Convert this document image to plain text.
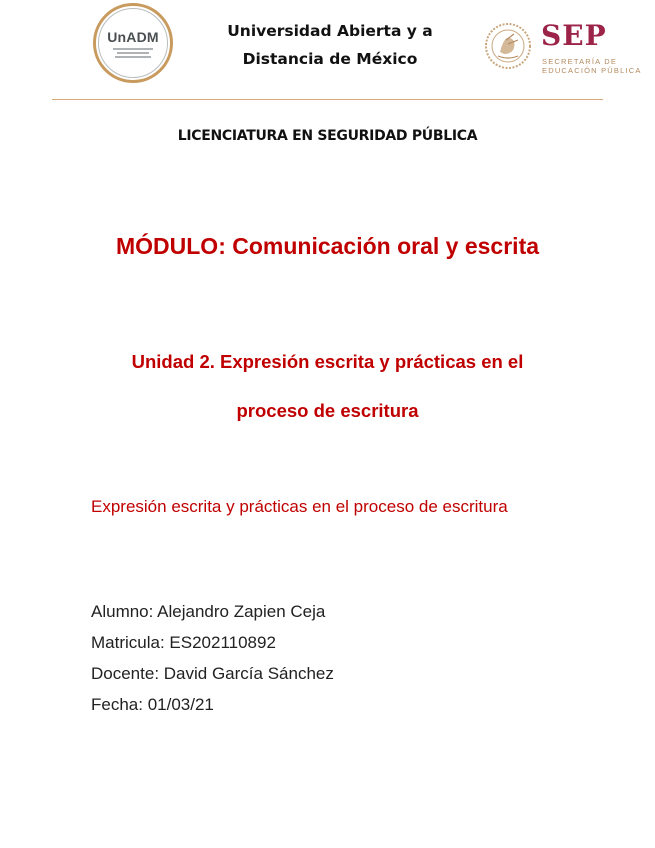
UnADM	Universidad Abierta y a
Distancia de México
SEP
SECRETARÍA DE
EDUCACIÓN PÚBLICA
LICENCIATURA EN SEGURIDAD PÚBLICA
MÓDULO: Comunicación oral y escrita
Unidad 2. Expresión escrita y prácticas en el
proceso de escritura
Expresión escrita y prácticas en el proceso de escritura
Alumno: Alejandro Zapien Ceja
Matricula: ES202110892
Docente: David García Sánchez
Fecha: 01/03/21
